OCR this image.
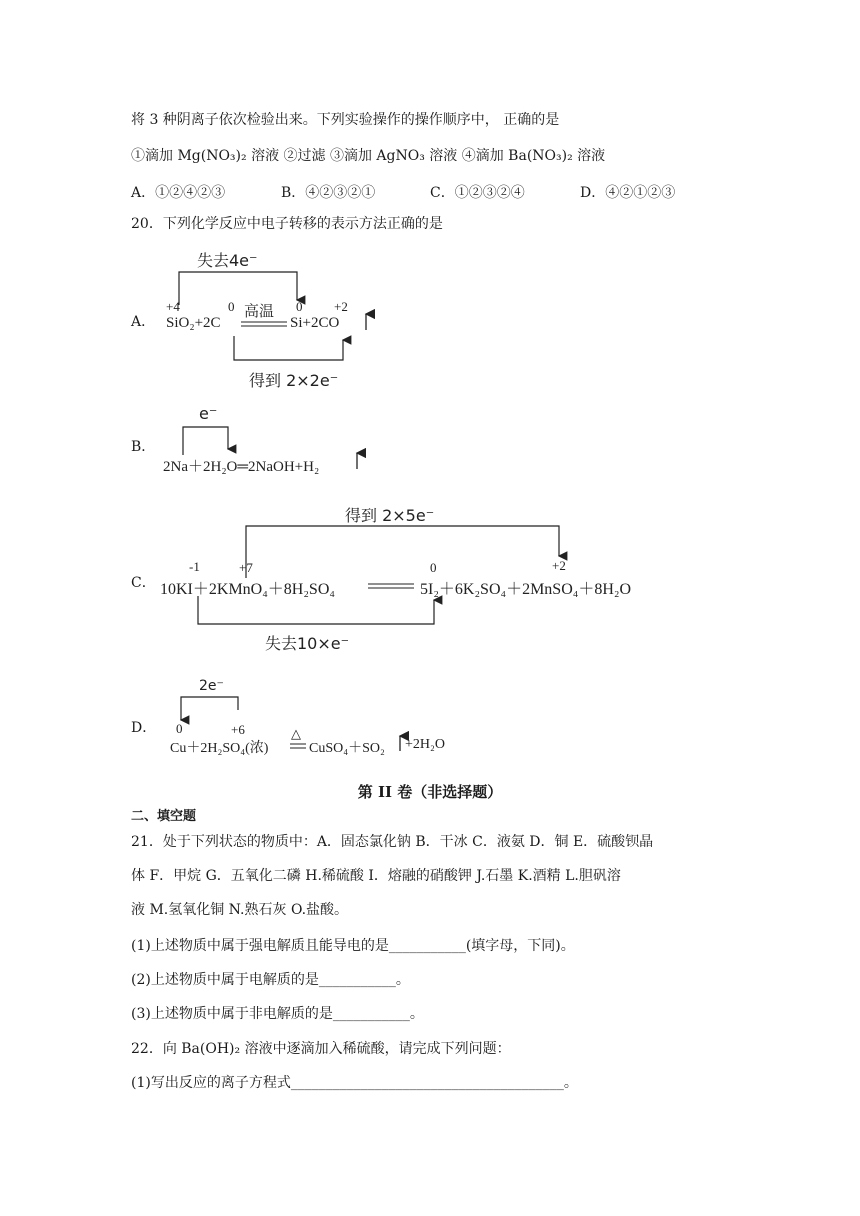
将 3 种阴离子依次检验出来。下列实验操作的操作顺序中， 正确的是
①滴加 Mg(NO₃)₂ 溶液 ②过滤 ③滴加 AgNO₃ 溶液 ④滴加 Ba(NO₃)₂ 溶液
A．①②④②③	B．④②③②①	C．①②③②④	D．④②①②③
20．下列化学反应中电子转移的表示方法正确的是
A．
失去4e⁻
+4	0 高温 0 +2
SiO₂+2C	Si+2CO
得到 2×2e⁻
B．
e⁻
2Na＋2H₂O═2NaOH+H₂
C．
得到 2×5e⁻
-1	+7	0	+2
10KI＋2KMnO₄＋8H₂SO₄	5I₂＋6K₂SO₄＋2MnSO₄＋8H₂O
失去10×e⁻
D．
2e⁻
0	+6	△
Cu＋2H₂SO₄(浓)	CuSO₄＋SO₂ +2H₂O
第 II 卷（非选择题）
二、填空题
21．处于下列状态的物质中：A．固态氯化钠 B．干冰 C．液氨 D．铜 E．硫酸钡晶
体 F．甲烷 G．五氧化二磷 H.稀硫酸 I．熔融的硝酸钾 J.石墨 K.酒精 L.胆矾溶
液 M.氢氧化铜 N.熟石灰 O.盐酸。
(1)上述物质中属于强电解质且能导电的是___________(填字母，下同)。
(2)上述物质中属于电解质的是___________。
(3)上述物质中属于非电解质的是___________。
22．向 Ba(OH)₂ 溶液中逐滴加入稀硫酸，请完成下列问题：
(1)写出反应的离子方程式_______________________________________。
